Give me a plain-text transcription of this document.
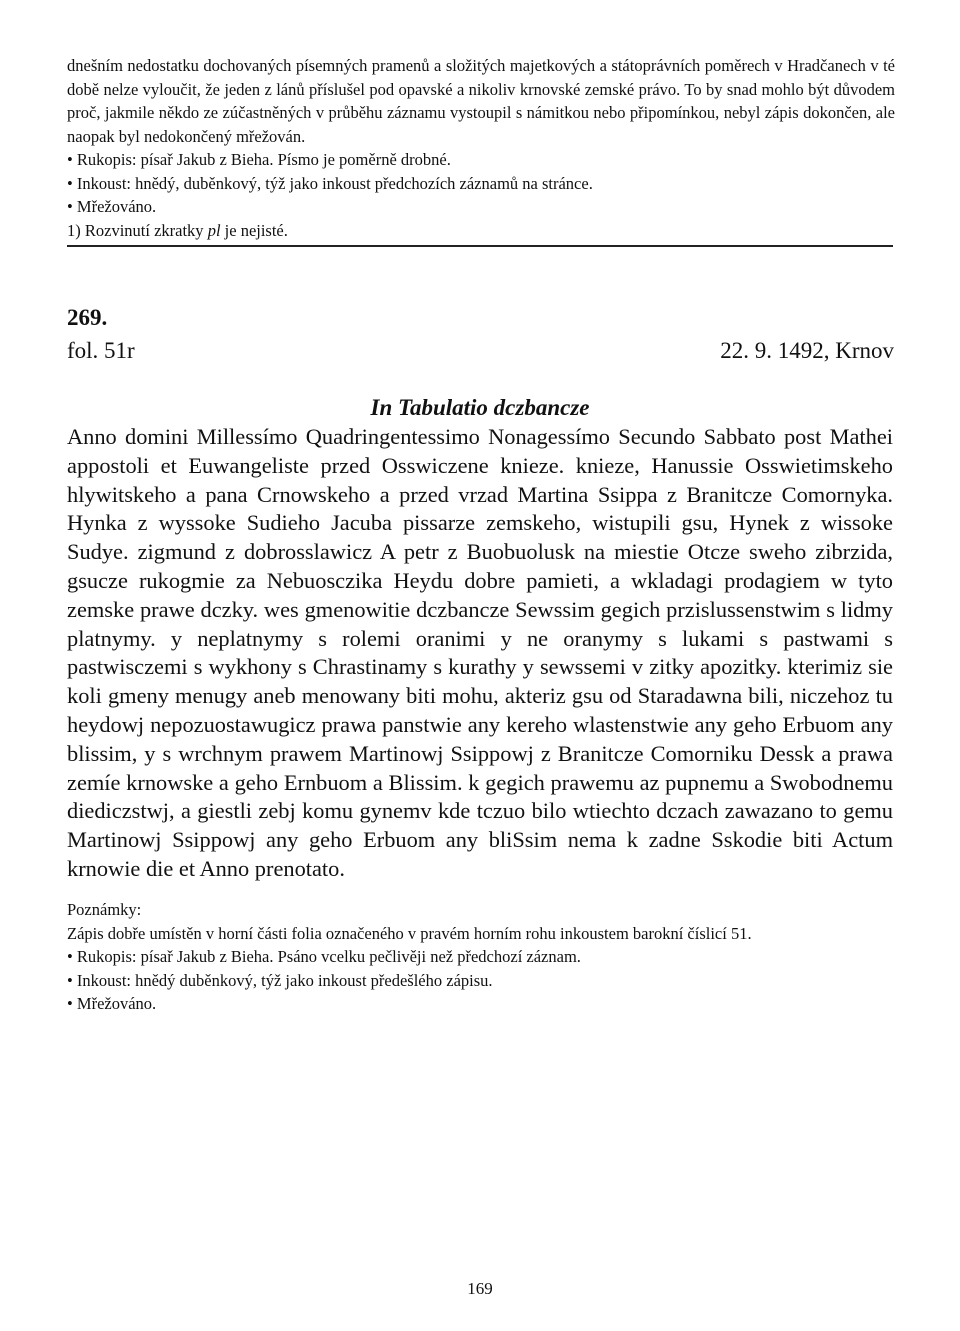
dnešním nedostatku dochovaných písemných pramenů a složitých majetkových a státoprávních poměrech v Hradčanech v té době nelze vyloučit, že jeden z lánů příslušel pod opavské a nikoliv krnovské zemské právo. To by snad mohlo být důvodem proč, jakmile někdo ze zúčastněných v průběhu záznamu vystoupil s námitkou nebo připomínkou, nebyl zápis dokončen, ale naopak byl nedokončený mřežován.

• Rukopis: písař Jakub z Bieha. Písmo je poměrně drobné.

• Inkoust: hnědý, duběnkový, týž jako inkoust předchozích záznamů na stránce.

• Mřežováno.

1) Rozvinutí zkratky pl je nejisté.

269.
fol. 51r	22. 9. 1492, Krnov
In Tabulatio dczbancze

Anno domini Millessímo Quadringentessimo Nonagessímo Secundo Sabbato post Mathei appostoli et Euwangeliste przed Osswiczene knieze. knieze, Hanussie Osswietimskeho hlywitskeho a pana Crnowskeho a przed vrzad Martina Ssippa z Branitcze Comornyka. Hynka z wyssoke Sudieho Jacuba pissarze zemskeho, wistupili gsu, Hynek z wissoke Sudye. zigmund z dobrosslawicz A petr z Buobuolusk na miestie Otcze sweho zibrzida, gsucze rukogmie za Nebuosczika Heydu dobre pamieti, a wkladagi prodagiem w tyto zemske prawe dczky. wes gmenowitie dczbancze Sewssim gegich przislussenstwim s lidmy platnymy. y neplatnymy s rolemi oranimi y ne oranymy s lukami s pastwami s pastwisczemi s wykhony s Chrastinamy s kurathy y sewssemi v zitky apozitky. kterimiz sie koli gmeny menugy aneb menowany biti mohu, akteriz gsu od Staradawna bili, niczehoz tu heydowj nepozuostawugicz prawa panstwie any kereho wlastenstwie any geho Erbuom any blissim, y s wrchnym prawem Martinowj Ssippowj z Branitcze Comorniku Dessk a prawa zemíe krnowske a geho Ernbuom a Blissim. k gegich prawemu az pupnemu a Swobodnemu diediczstwj, a giestli zebj komu gynemv kde tczuo bilo wtiechto dczach zawazano to gemu Martinowj Ssippowj any geho Erbuom any bliSsim nema k zadne Sskodie biti Actum krnowie die et Anno prenotato.

Poznámky:

Zápis dobře umístěn v horní části folia označeného v pravém horním rohu inkoustem barokní číslicí 51.

• Rukopis: písař Jakub z Bieha. Psáno vcelku pečlivěji než předchozí záznam.

• Inkoust: hnědý duběnkový, týž jako inkoust předešlého zápisu.

• Mřežováno.

169
